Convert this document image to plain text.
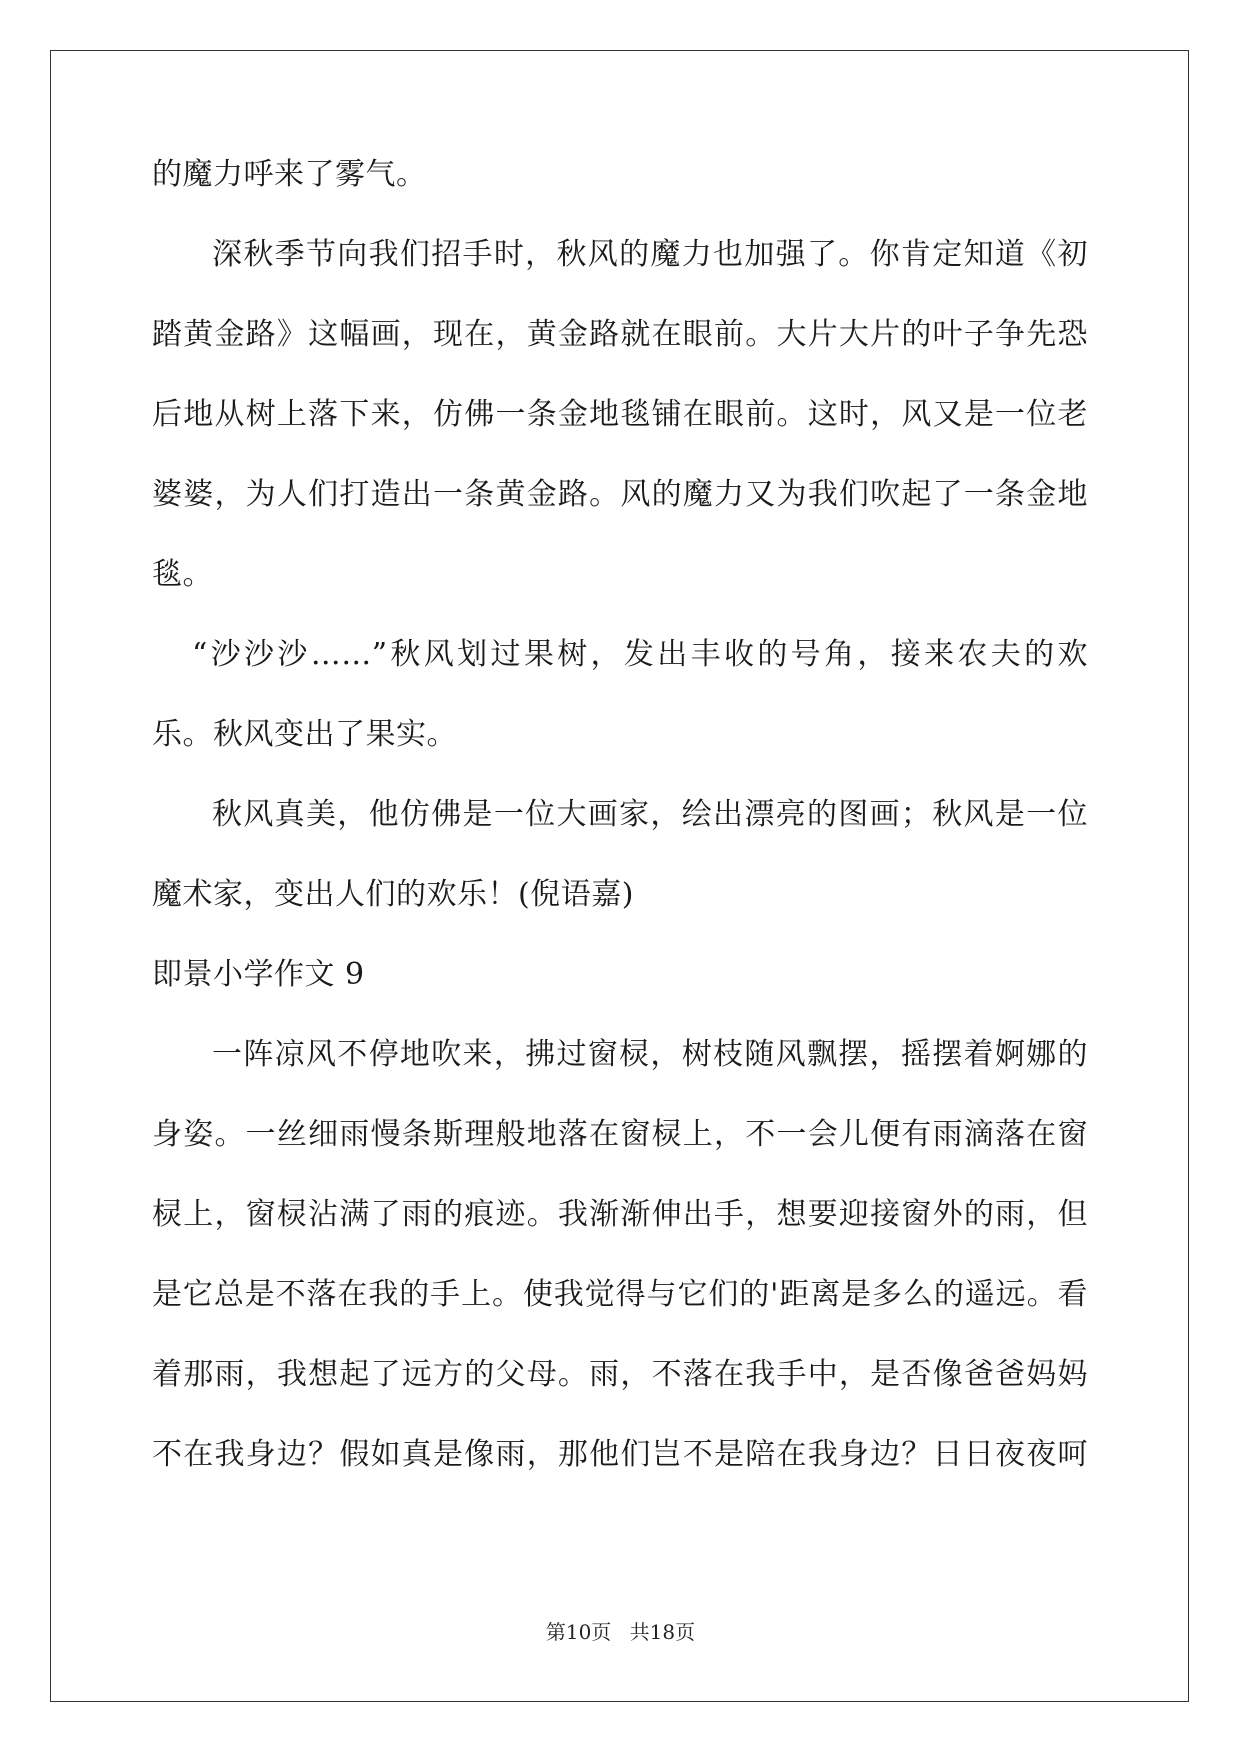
的魔力呼来了雾气。
深秋季节向我们招手时，秋风的魔力也加强了。你肯定知道《初
踏黄金路》这幅画，现在，黄金路就在眼前。大片大片的叶子争先恐
后地从树上落下来，仿佛一条金地毯铺在眼前。这时，风又是一位老
婆婆，为人们打造出一条黄金路。风的魔力又为我们吹起了一条金地
毯。
“沙沙沙……”秋风划过果树，发出丰收的号角，接来农夫的欢
乐。秋风变出了果实。
秋风真美，他仿佛是一位大画家，绘出漂亮的图画；秋风是一位
魔术家，变出人们的欢乐！(倪语嘉)
即景小学作文 9
一阵凉风不停地吹来，拂过窗棂，树枝随风飘摆，摇摆着婀娜的
身姿。一丝细雨慢条斯理般地落在窗棂上，不一会儿便有雨滴落在窗
棂上，窗棂沾满了雨的痕迹。我渐渐伸出手，想要迎接窗外的雨，但
是它总是不落在我的手上。使我觉得与它们的'距离是多么的遥远。看
着那雨，我想起了远方的父母。雨，不落在我手中，是否像爸爸妈妈
不在我身边？假如真是像雨，那他们岂不是陪在我身边？日日夜夜呵
第10页 共18页
